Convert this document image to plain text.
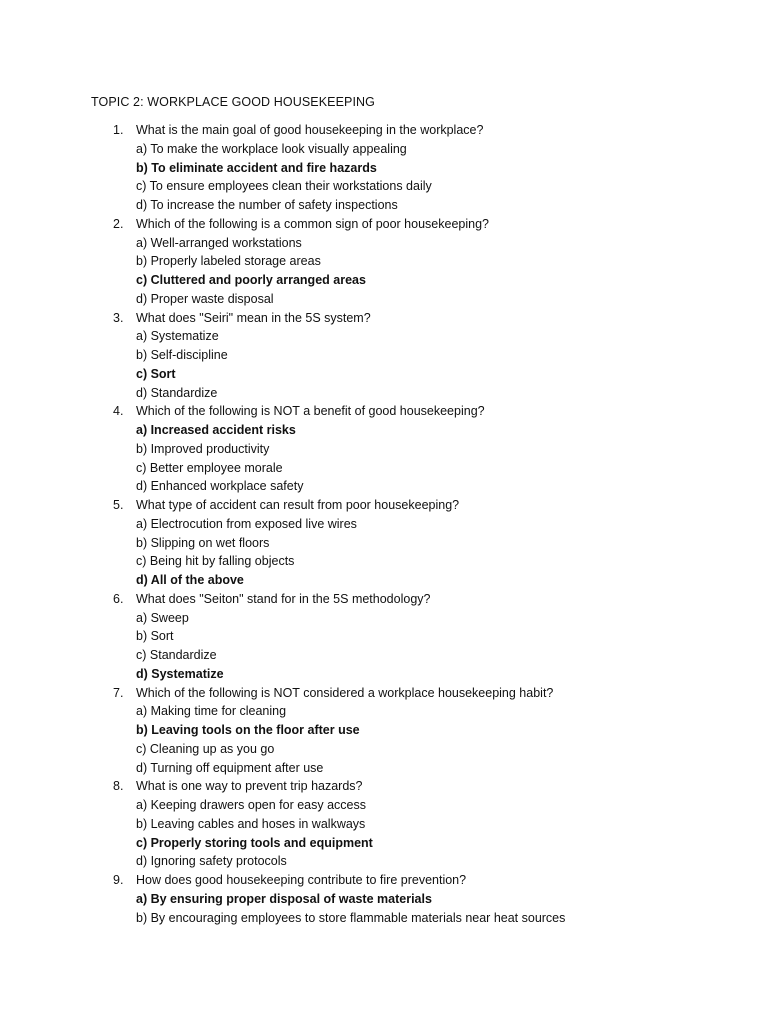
TOPIC 2: WORKPLACE GOOD HOUSEKEEPING
1. What is the main goal of good housekeeping in the workplace?
a) To make the workplace look visually appealing
b) To eliminate accident and fire hazards
c) To ensure employees clean their workstations daily
d) To increase the number of safety inspections
2. Which of the following is a common sign of poor housekeeping?
a) Well-arranged workstations
b) Properly labeled storage areas
c) Cluttered and poorly arranged areas
d) Proper waste disposal
3. What does "Seiri" mean in the 5S system?
a) Systematize
b) Self-discipline
c) Sort
d) Standardize
4. Which of the following is NOT a benefit of good housekeeping?
a) Increased accident risks
b) Improved productivity
c) Better employee morale
d) Enhanced workplace safety
5. What type of accident can result from poor housekeeping?
a) Electrocution from exposed live wires
b) Slipping on wet floors
c) Being hit by falling objects
d) All of the above
6. What does "Seiton" stand for in the 5S methodology?
a) Sweep
b) Sort
c) Standardize
d) Systematize
7. Which of the following is NOT considered a workplace housekeeping habit?
a) Making time for cleaning
b) Leaving tools on the floor after use
c) Cleaning up as you go
d) Turning off equipment after use
8. What is one way to prevent trip hazards?
a) Keeping drawers open for easy access
b) Leaving cables and hoses in walkways
c) Properly storing tools and equipment
d) Ignoring safety protocols
9. How does good housekeeping contribute to fire prevention?
a) By ensuring proper disposal of waste materials
b) By encouraging employees to store flammable materials near heat sources
